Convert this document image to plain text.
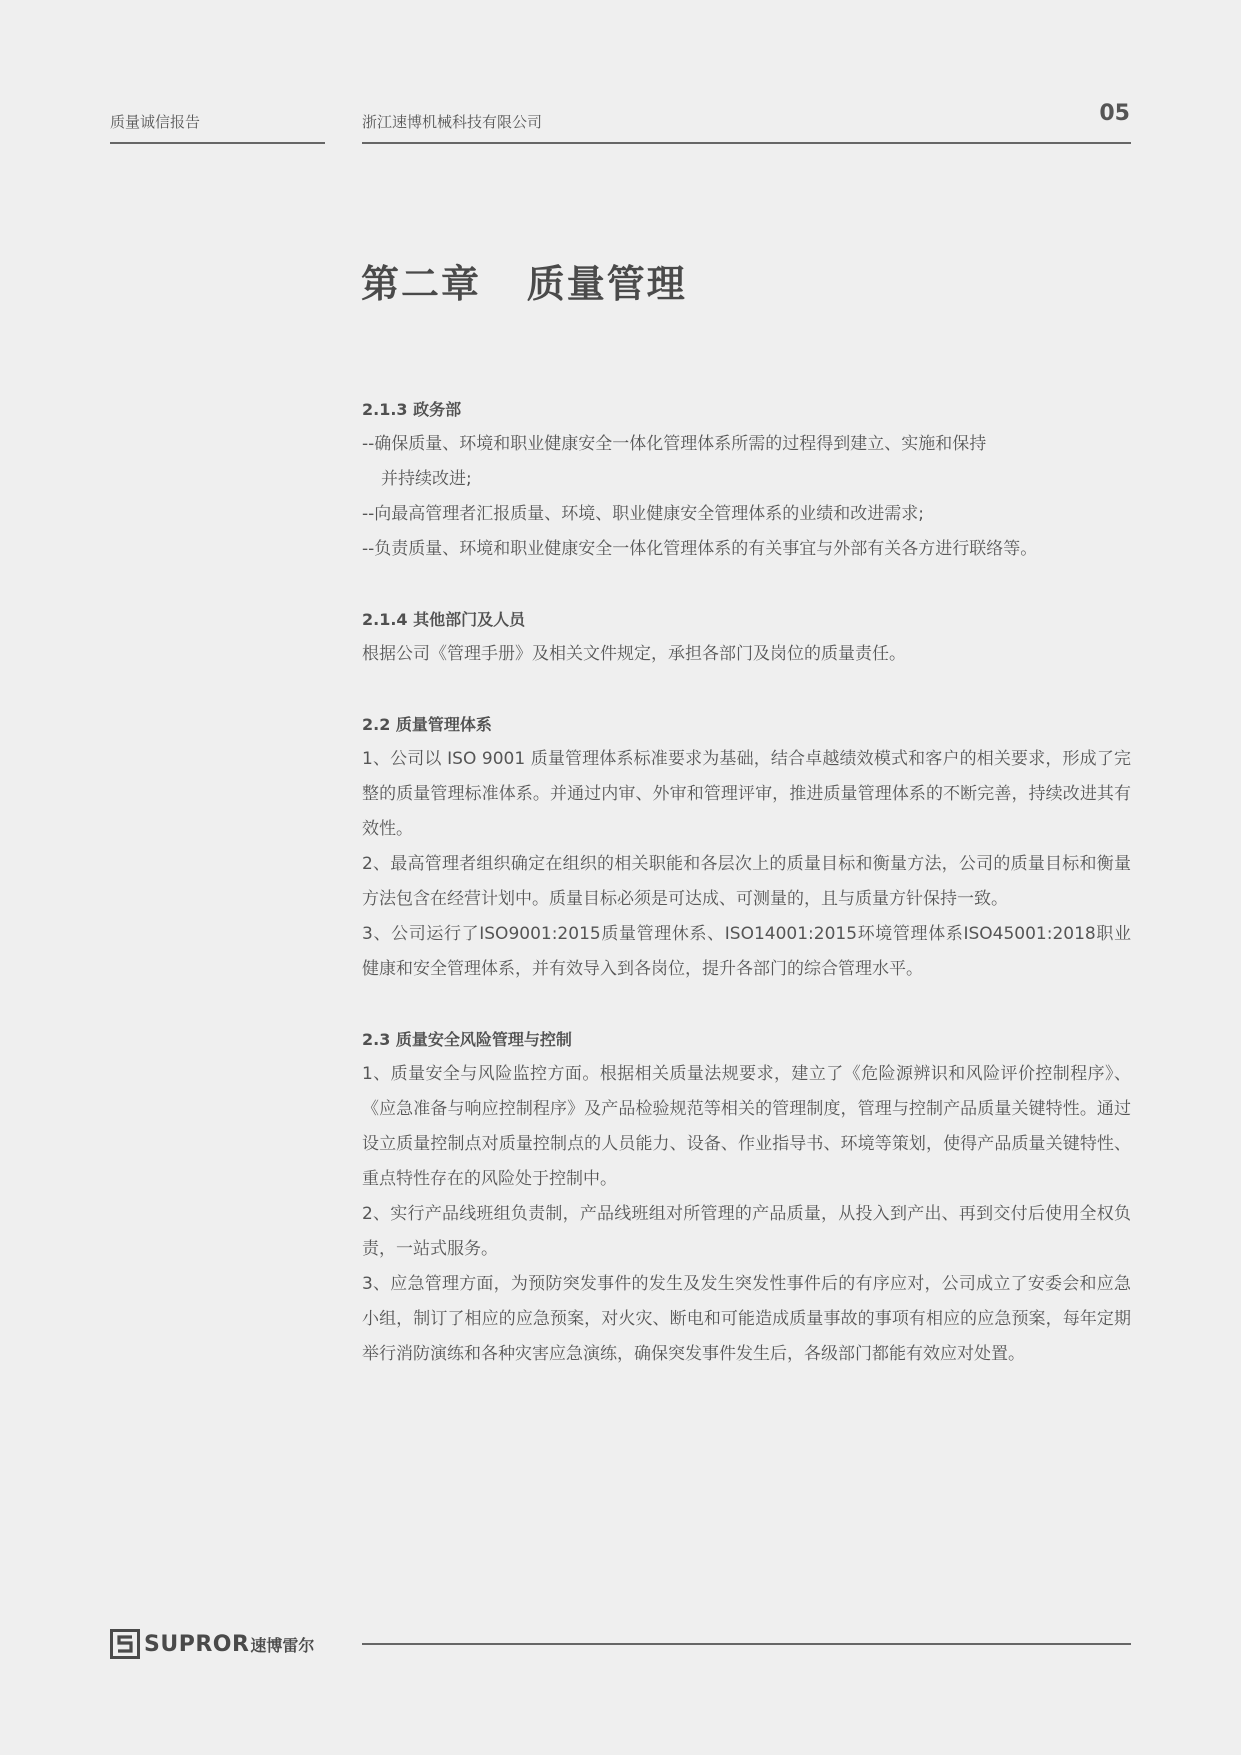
质量诚信报告	浙江速博机械科技有限公司	05
第二章   质量管理
2.1.3 政务部
--确保质量、环境和职业健康安全一体化管理体系所需的过程得到建立、实施和保持
并持续改进;
--向最高管理者汇报质量、环境、职业健康安全管理体系的业绩和改进需求;
--负责质量、环境和职业健康安全一体化管理体系的有关事宜与外部有关各方进行联络等。
2.1.4 其他部门及人员
根据公司《管理手册》及相关文件规定，承担各部门及岗位的质量责任。
2.2 质量管理体系
1、公司以 ISO 9001 质量管理体系标准要求为基础，结合卓越绩效模式和客户的相关要求，形成了完整的质量管理标准体系。并通过内审、外审和管理评审，推进质量管理体系的不断完善，持续改进其有效性。
2、最高管理者组织确定在组织的相关职能和各层次上的质量目标和衡量方法，公司的质量目标和衡量方法包含在经营计划中。质量目标必须是可达成、可测量的，且与质量方针保持一致。
3、公司运行了ISO9001:2015质量管理休系、ISO14001:2015环境管理体系ISO45001:2018职业健康和安全管理体系，并有效导入到各岗位，提升各部门的综合管理水平。
2.3 质量安全风险管理与控制
1、质量安全与风险监控方面。根据相关质量法规要求，建立了《危险源辨识和风险评价控制程序》、《应急准备与响应控制程序》及产品检验规范等相关的管理制度，管理与控制产品质量关键特性。通过设立质量控制点对质量控制点的人员能力、设备、作业指导书、环境等策划，使得产品质量关键特性、重点特性存在的风险处于控制中。
2、实行产品线班组负责制，产品线班组对所管理的产品质量，从投入到产出、再到交付后使用全权负责，一站式服务。
3、应急管理方面，为预防突发事件的发生及发生突发性事件后的有序应对，公司成立了安委会和应急小组，制订了相应的应急预案，对火灾、断电和可能造成质量事故的事项有相应的应急预案，每年定期举行消防演练和各种灾害应急演练，确保突发事件发生后，各级部门都能有效应对处置。
SUPROR 速博雷尔
